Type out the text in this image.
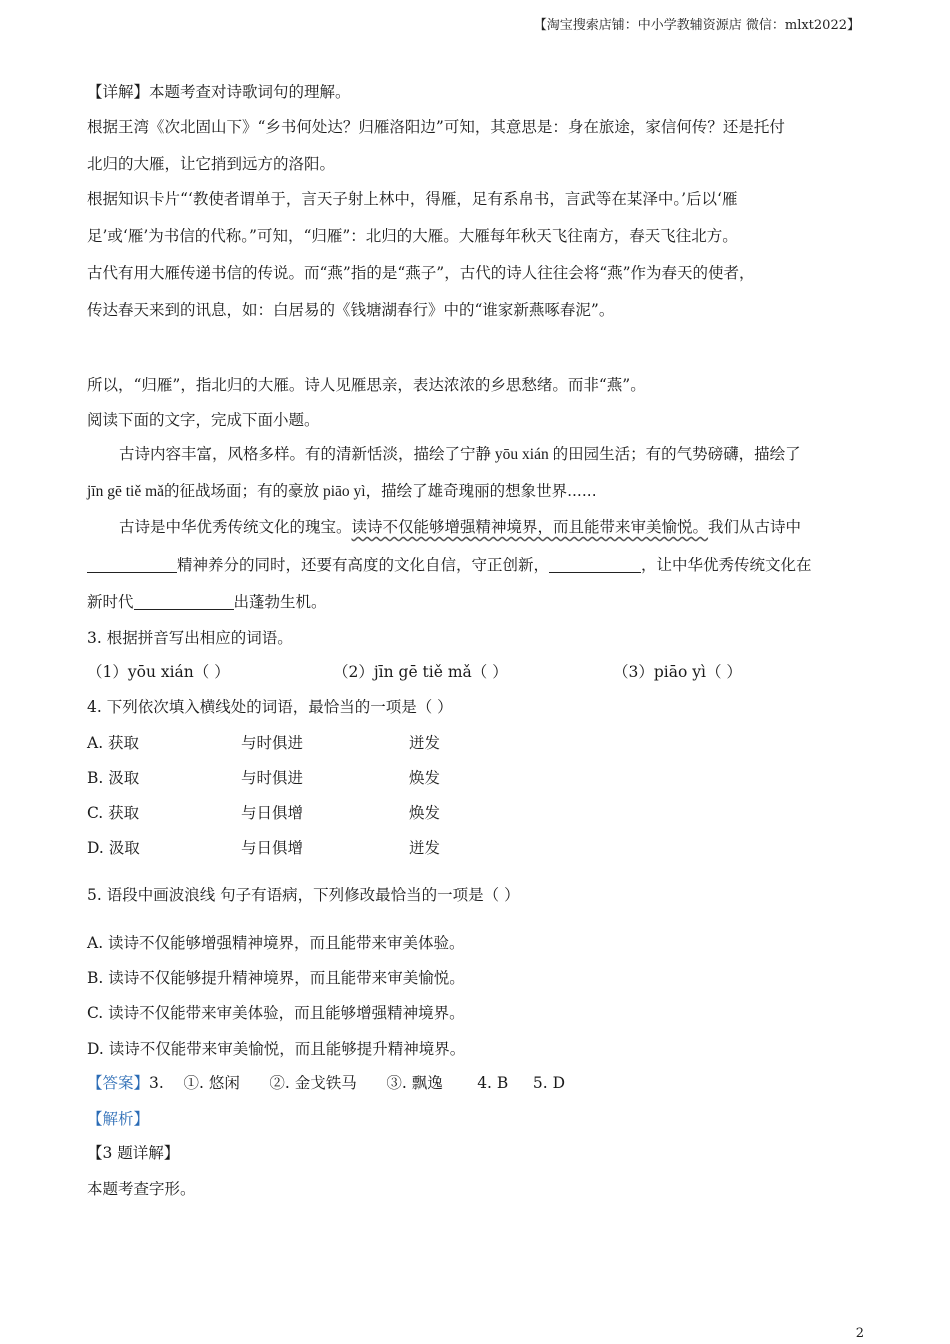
【淘宝搜索店铺：中小学教辅资源店 微信：mlxt2022】
【详解】本题考查对诗歌词句的理解。
根据王湾《次北固山下》“乡书何处达？归雁洛阳边”可知，其意思是：身在旅途，家信何传？还是托付
北归的大雁，让它捎到远方的洛阳。
根据知识卡片“‘教使者谓单于，言天子射上林中，得雁，足有系帛书，言武等在某泽中。’后以‘雁
足’或‘雁’为书信的代称。”可知，“归雁”：北归的大雁。大雁每年秋天飞往南方，春天飞往北方。
古代有用大雁传递书信的传说。而“燕”指的是“燕子”，古代的诗人往往会将“燕”作为春天的使者，
传达春天来到的讯息，如：白居易的《钱塘湖春行》中的“谁家新燕啄春泥”。
所以，“归雁”，指北归的大雁。诗人见雁思亲，表达浓浓的乡思愁绪。而非“燕”。
阅读下面的文字，完成下面小题。
古诗内容丰富，风格多样。有的清新恬淡，描绘了宁静 yōu xián 的田园生活；有的气势磅礴，描绘了
jīn gē tiě mǎ的征战场面；有的豪放 piāo yì，描绘了雄奇瑰丽的想象世界......
古诗是中华优秀传统文化的瑰宝。读诗不仅能够增强精神境界，而且能带来审美愉悦。我们从古诗中
精神养分的同时，还要有高度的文化自信，守正创新，	，让中华优秀传统文化在
新时代	出蓬勃生机。
3. 根据拼音写出相应的词语。
（1）yōu xián（ ）	（2）jīn gē tiě mǎ（ ）	（3）piāo yì（ ）
4. 下列依次填入横线处的词语，最恰当的一项是（ ）
A. 获取	与时俱进	迸发
B. 汲取	与时俱进	焕发
C. 获取	与日俱增	焕发
D. 汲取	与日俱增	迸发
5. 语段中画波浪线 句子有语病，下列修改最恰当的一项是（ ）
A. 读诗不仅能够增强精神境界，而且能带来审美体验。
B. 读诗不仅能够提升精神境界，而且能带来审美愉悦。
C. 读诗不仅能带来审美体验，而且能够增强精神境界。
D. 读诗不仅能带来审美愉悦，而且能够提升精神境界。
【答案】3.    ①. 悠闲      ②. 金戈铁马      ③. 飘逸       4. B     5. D
【解析】
【3 题详解】
本题考查字形。
2
